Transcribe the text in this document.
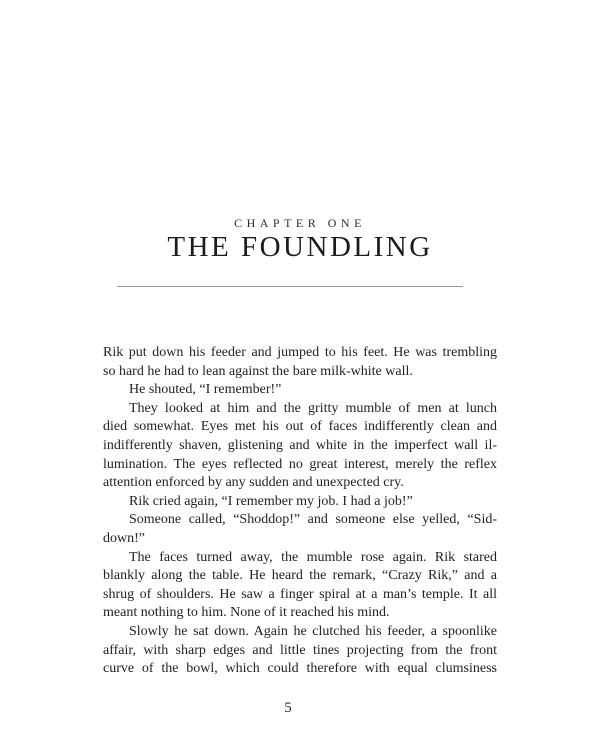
CHAPTER ONE
THE FOUNDLING
Rik put down his feeder and jumped to his feet. He was trembling
so hard he had to lean against the bare milk-white wall.
He shouted, “I remember!”
They looked at him and the gritty mumble of men at lunch
died somewhat. Eyes met his out of faces indifferently clean and
indifferently shaven, glistening and white in the imperfect wall il-
lumination. The eyes reflected no great interest, merely the reflex
attention enforced by any sudden and unexpected cry.
Rik cried again, “I remember my job. I had a job!”
Someone called, “Shoddop!” and someone else yelled, “Sid-
down!”
The faces turned away, the mumble rose again. Rik stared
blankly along the table. He heard the remark, “Crazy Rik,” and a
shrug of shoulders. He saw a finger spiral at a man’s temple. It all
meant nothing to him. None of it reached his mind.
Slowly he sat down. Again he clutched his feeder, a spoonlike
affair, with sharp edges and little tines projecting from the front
curve of the bowl, which could therefore with equal clumsiness
5
